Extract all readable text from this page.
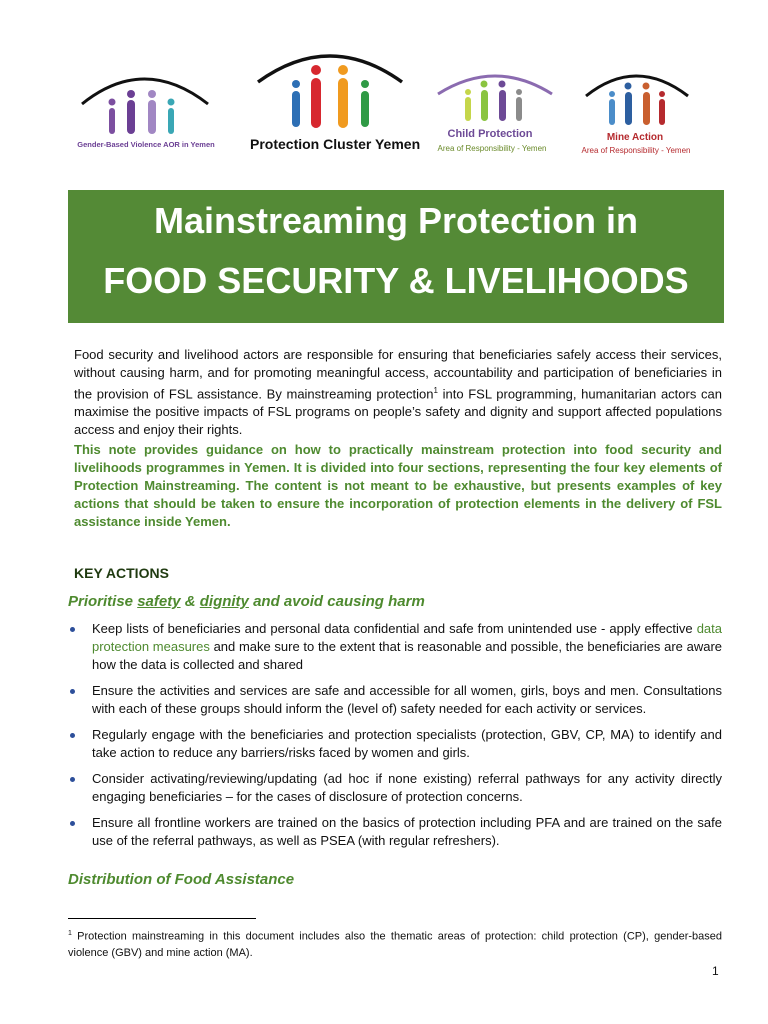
Gender-Based Violence AOR in Yemen	Protection Cluster Yemen
Child Protection
Area of Responsibility - Yemen
Mine Action
Area of Responsibility - Yemen
Mainstreaming Protection in
FOOD SECURITY & LIVELIHOODS

Food security and livelihood actors are responsible for ensuring that beneficiaries safely access their services, without causing harm, and for promoting meaningful access, accountability and participation of beneficiaries in the provision of FSL assistance. By mainstreaming protection$^1$ into FSL programming, humanitarian actors can maximise the positive impacts of FSL programs on people’s safety and dignity and support affected populations access and enjoy their rights.

This note provides guidance on how to practically mainstream protection into food security and livelihoods programmes in Yemen. It is divided into four sections, representing the four key elements of Protection Mainstreaming. The content is not meant to be exhaustive, but presents examples of key actions that should be taken to ensure the incorporation of protection elements in the delivery of FSL assistance inside Yemen.

KEY ACTIONS
Prioritise safety & dignity and avoid causing harm
Keep lists of beneficiaries and personal data confidential and safe from unintended use - apply effective data protection measures and make sure to the extent that is reasonable and possible, the beneficiaries are aware how the data is collected and shared
Ensure the activities and services are safe and accessible for all women, girls, boys and men. Consultations with each of these groups should inform the (level of) safety needed for each activity or services.
Regularly engage with the beneficiaries and protection specialists (protection, GBV, CP, MA) to identify and take action to reduce any barriers/risks faced by women and girls.
Consider activating/reviewing/updating (ad hoc if none existing) referral pathways for any activity directly engaging beneficiaries – for the cases of disclosure of protection concerns.
Ensure all frontline workers are trained on the basics of protection including PFA and are trained on the safe use of the referral pathways, as well as PSEA (with regular refreshers).
Distribution of Food Assistance
$^1$ Protection mainstreaming in this document includes also the thematic areas of protection: child protection (CP), gender-based violence (GBV) and mine action (MA).
1
